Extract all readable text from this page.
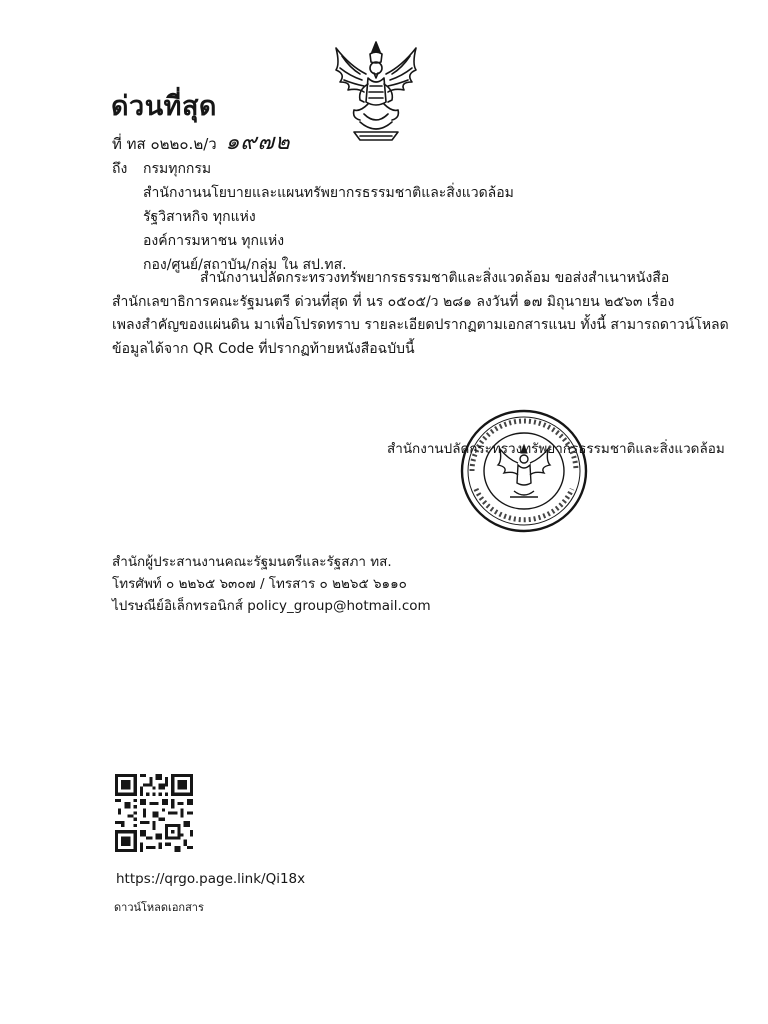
ด่วนที่สุด
ที่ ทส ๐๒๒๐.๒/ว ๑๙๗๒
ถึง กรมทุกกรม
สำนักงานนโยบายและแผนทรัพยากรธรรมชาติและสิ่งแวดล้อม
รัฐวิสาหกิจ ทุกแห่ง
องค์การมหาชน ทุกแห่ง
กอง/ศูนย์/สถาบัน/กลุ่ม ใน สป.ทส.
สำนักงานปลัดกระทรวงทรัพยากรธรรมชาติและสิ่งแวดล้อม ขอส่งสำเนาหนังสือ
สำนักเลขาธิการคณะรัฐมนตรี ด่วนที่สุด ที่ นร ๐๕๐๕/ว ๒๘๑ ลงวันที่ ๑๗ มิถุนายน ๒๕๖๓ เรื่อง
เพลงสำคัญของแผ่นดิน มาเพื่อโปรดทราบ รายละเอียดปรากฏตามเอกสารแนบ ทั้งนี้ สามารถดาวน์โหลด
ข้อมูลได้จาก QR Code ที่ปรากฏท้ายหนังสือฉบับนี้
สำนักงานปลัดกระทรวงทรัพยากรธรรมชาติและสิ่งแวดล้อม
สำนักผู้ประสานงานคณะรัฐมนตรีและรัฐสภา ทส.
โทรศัพท์ ๐ ๒๒๖๕ ๖๓๐๗ / โทรสาร ๐ ๒๒๖๕ ๖๑๑๐
ไปรษณีย์อิเล็กทรอนิกส์ policy_group@hotmail.com
https://qrgo.page.link/Qi18x
ดาวน์โหลดเอกสาร
